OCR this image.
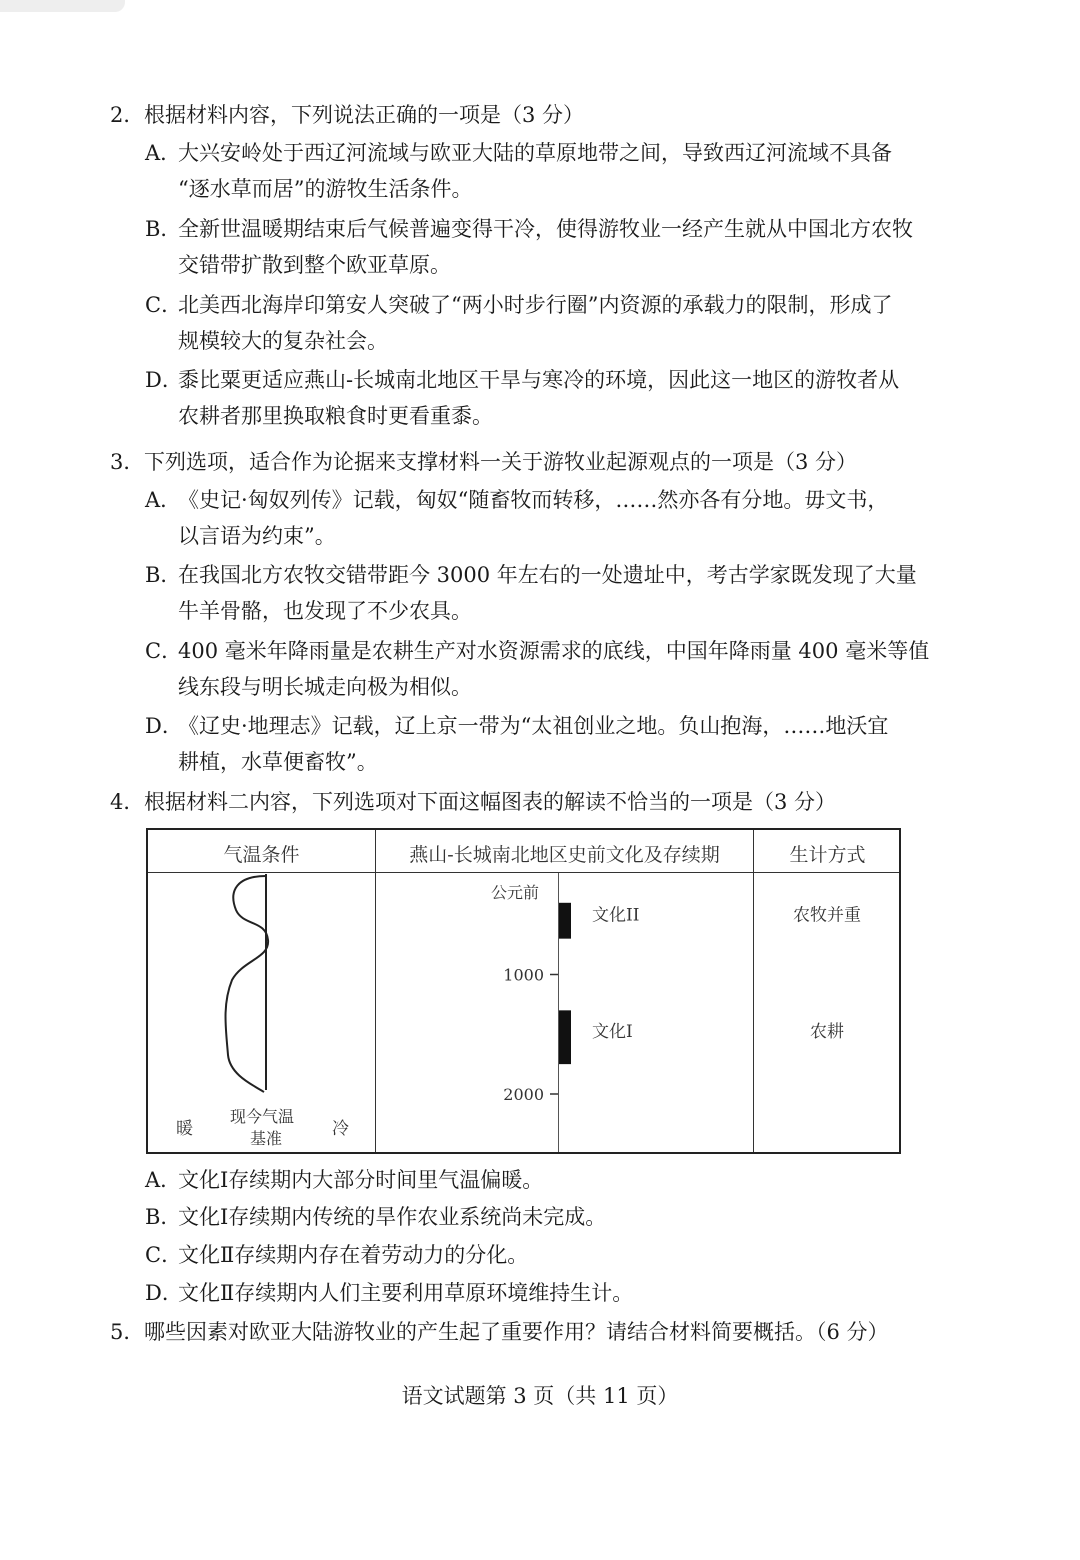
2．根据材料内容，下列说法正确的一项是（3 分）
A．大兴安岭处于西辽河流域与欧亚大陆的草原地带之间，导致西辽河流域不具备
“逐水草而居”的游牧生活条件。
B．全新世温暖期结束后气候普遍变得干冷，使得游牧业一经产生就从中国北方农牧
交错带扩散到整个欧亚草原。
C．北美西北海岸印第安人突破了“两小时步行圈”内资源的承载力的限制，形成了
规模较大的复杂社会。
D．黍比粟更适应燕山-长城南北地区干旱与寒冷的环境，因此这一地区的游牧者从
农耕者那里换取粮食时更看重黍。
3．下列选项，适合作为论据来支撑材料一关于游牧业起源观点的一项是（3 分）
A．《史记·匈奴列传》记载，匈奴“随畜牧而转移，……然亦各有分地。毋文书，
以言语为约束”。
B．在我国北方农牧交错带距今 3000 年左右的一处遗址中，考古学家既发现了大量
牛羊骨骼，也发现了不少农具。
C．400 毫米年降雨量是农耕生产对水资源需求的底线，中国年降雨量 400 毫米等值
线东段与明长城走向极为相似。
D．《辽史·地理志》记载，辽上京一带为“太祖创业之地。负山抱海，……地沃宜
耕植，水草便畜牧”。
4．根据材料二内容，下列选项对下面这幅图表的解读不恰当的一项是（3 分）
气温条件	燕山-长城南北地区史前文化及存续期	生计方式
暖
现今气温
基准	冷
公元前
1000
2000
文化II	农牧并重
文化I	农耕
A．文化Ⅰ存续期内大部分时间里气温偏暖。
B．文化Ⅰ存续期内传统的旱作农业系统尚未完成。
C．文化Ⅱ存续期内存在着劳动力的分化。
D．文化Ⅱ存续期内人们主要利用草原环境维持生计。
5．哪些因素对欧亚大陆游牧业的产生起了重要作用？请结合材料简要概括。（6 分）
语文试题第 3 页（共 11 页）
